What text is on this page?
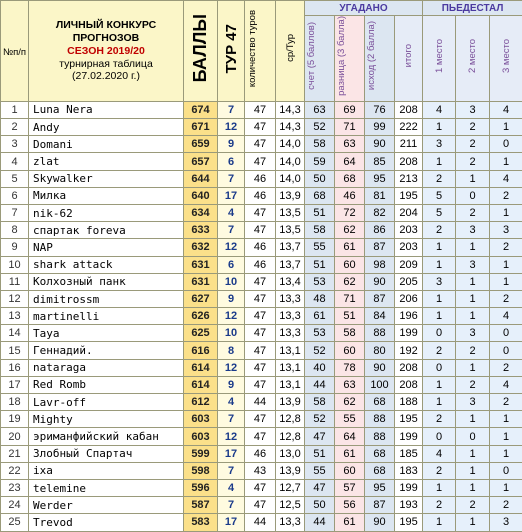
№п/п	ЛИЧНЫЙ КОНКУРС
ПРОГНОЗОВ
СЕЗОН 2019/20
турнирная таблица
(27.02.2020 г.)	БАЛЛЫ	ТУР 47	количество туров	ср/Тур	УГАДАНО				ПЬЕДЕСТАЛ		
						счет (5 баллов)	разница (3 балла)	исход (2 балла)	итого	1 место	2 место	3 место
1	Luna Nera	674	7	47	14,3	63	69	76	208	4	3	4
2	Andy	671	12	47	14,3	52	71	99	222	1	2	1
3	Domani	659	9	47	14,0	58	63	90	211	3	2	0
4	zlat	657	6	47	14,0	59	64	85	208	1	2	1
5	Skywalker	644	7	46	14,0	50	68	95	213	2	1	4
6	Милка	640	17	46	13,9	68	46	81	195	5	0	2
7	nik-62	634	4	47	13,5	51	72	82	204	5	2	1
8	спартак foreva	633	7	47	13,5	58	62	86	203	2	3	3
9	NAP	632	12	46	13,7	55	61	87	203	1	1	2
10	shark attack	631	6	46	13,7	51	60	98	209	1	3	1
11	Колхозный панк	631	10	47	13,4	53	62	90	205	3	1	1
12	dimitrossm	627	9	47	13,3	48	71	87	206	1	1	2
13	martinelli	626	12	47	13,3	61	51	84	196	1	1	4
14	Taya	625	10	47	13,3	53	58	88	199	0	3	0
15	Геннадий.	616	8	47	13,1	52	60	80	192	2	2	0
16	nataraga	614	12	47	13,1	40	78	90	208	0	1	2
17	Red Romb	614	9	47	13,1	44	63	100	208	1	2	4
18	Lavr-off	612	4	44	13,9	58	62	68	188	1	3	2
19	Mighty	603	7	47	12,8	52	55	88	195	2	1	1
20	эриманфийский кабан	603	12	47	12,8	47	64	88	199	0	0	1
21	Злобный Спартач	599	17	46	13,0	51	61	68	185	4	1	1
22	ixa	598	7	43	13,9	55	60	68	183	2	1	0
23	telemine	596	4	47	12,7	47	57	95	199	1	1	1
24	Werder	587	7	47	12,5	50	56	87	193	2	2	2
25	Trevod	583	17	44	13,3	44	61	90	195	1	1	3
